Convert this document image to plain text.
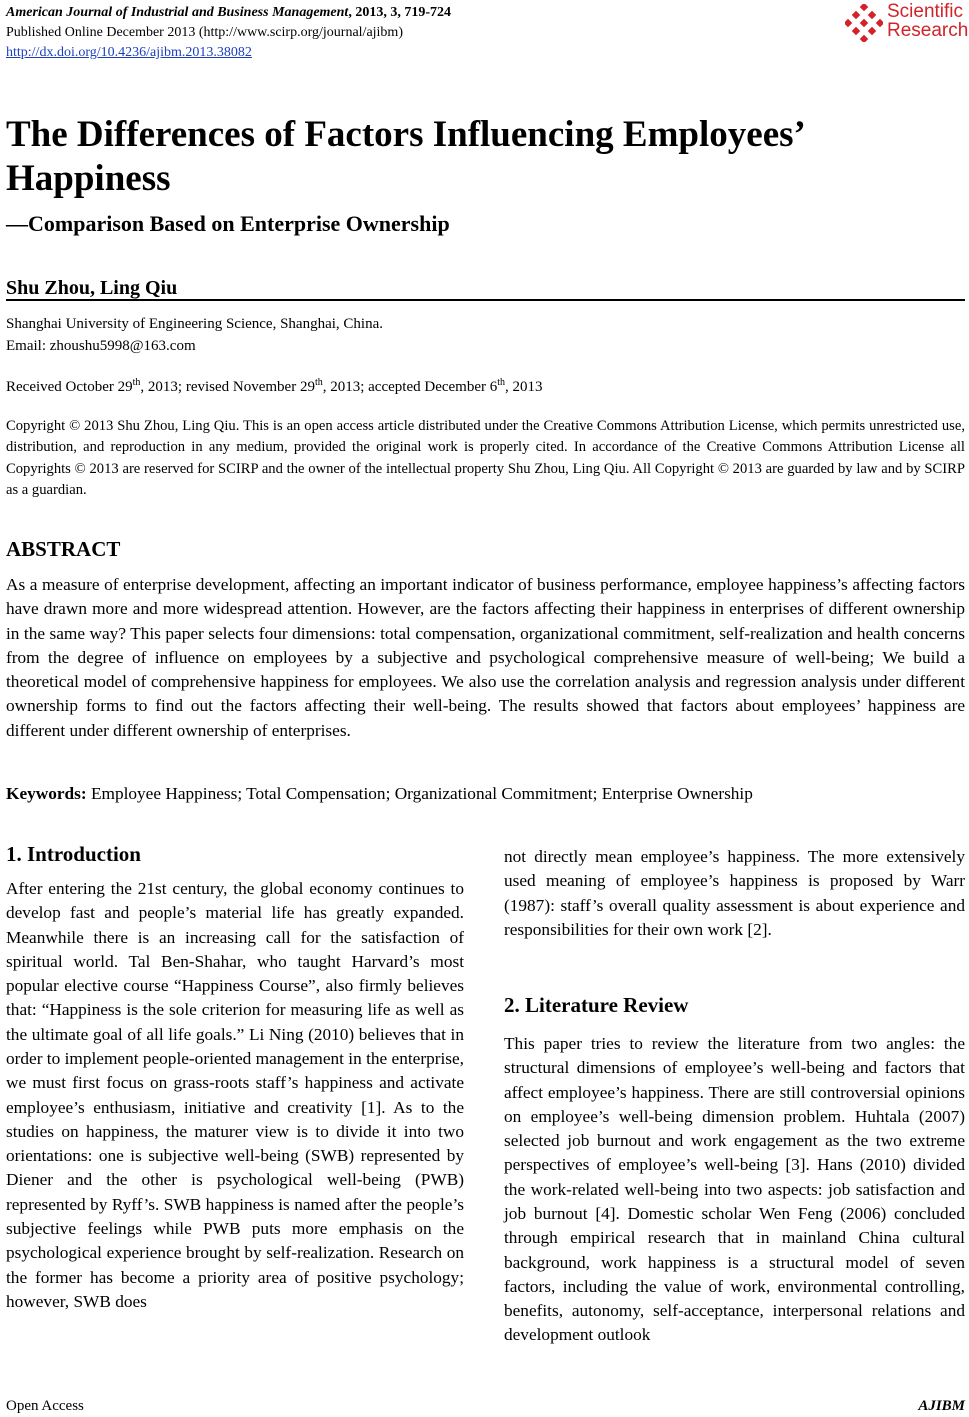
American Journal of Industrial and Business Management, 2013, 3, 719-724
Published Online December 2013 (http://www.scirp.org/journal/ajibm)
http://dx.doi.org/10.4236/ajibm.2013.38082
Scientific
Research
The Differences of Factors Influencing Employees’ Happiness
—Comparison Based on Enterprise Ownership
Shu Zhou, Ling Qiu
Shanghai University of Engineering Science, Shanghai, China.
Email: zhoushu5998@163.com
Received October 29th, 2013; revised November 29th, 2013; accepted December 6th, 2013
Copyright © 2013 Shu Zhou, Ling Qiu. This is an open access article distributed under the Creative Commons Attribution License, which permits unrestricted use, distribution, and reproduction in any medium, provided the original work is properly cited. In accordance of the Creative Commons Attribution License all Copyrights © 2013 are reserved for SCIRP and the owner of the intellectual property Shu Zhou, Ling Qiu. All Copyright © 2013 are guarded by law and by SCIRP as a guardian.
ABSTRACT
As a measure of enterprise development, affecting an important indicator of business performance, employee happiness’s affecting factors have drawn more and more widespread attention. However, are the factors affecting their happiness in enterprises of different ownership in the same way? This paper selects four dimensions: total compensation, organizational commitment, self-realization and health concerns from the degree of influence on employees by a subjective and psychological comprehensive measure of well-being; We build a theoretical model of comprehensive happiness for employees. We also use the correlation analysis and regression analysis under different ownership forms to find out the factors affecting their well-being. The results showed that factors about employees’ happiness are different under different ownership of enterprises.
Keywords: Employee Happiness; Total Compensation; Organizational Commitment; Enterprise Ownership
1. Introduction
After entering the 21st century, the global economy continues to develop fast and people’s material life has greatly expanded. Meanwhile there is an increasing call for the satisfaction of spiritual world. Tal Ben-Shahar, who taught Harvard’s most popular elective course “Happiness Course”, also firmly believes that: “Happiness is the sole criterion for measuring life as well as the ultimate goal of all life goals.” Li Ning (2010) believes that in order to implement people-oriented management in the enterprise, we must first focus on grass-roots staff’s happiness and activate employee’s enthusiasm, initiative and creativity [1]. As to the studies on happiness, the maturer view is to divide it into two orientations: one is subjective well-being (SWB) represented by Diener and the other is psychological well-being (PWB) represented by Ryff’s. SWB happiness is named after the people’s subjective feelings while PWB puts more emphasis on the psychological experience brought by self-realization. Research on the former has become a priority area of positive psychology; however, SWB does
not directly mean employee’s happiness. The more extensively used meaning of employee’s happiness is proposed by Warr (1987): staff’s overall quality assessment is about experience and responsibilities for their own work [2].
2. Literature Review
This paper tries to review the literature from two angles: the structural dimensions of employee’s well-being and factors that affect employee’s happiness. There are still controversial opinions on employee’s well-being dimension problem. Huhtala (2007) selected job burnout and work engagement as the two extreme perspectives of employee’s well-being [3]. Hans (2010) divided the work-related well-being into two aspects: job satisfaction and job burnout [4]. Domestic scholar Wen Feng (2006) concluded through empirical research that in mainland China cultural background, work happiness is a structural model of seven factors, including the value of work, environmental controlling, benefits, autonomy, self-acceptance, interpersonal relations and development outlook
Open Access	AJIBM
